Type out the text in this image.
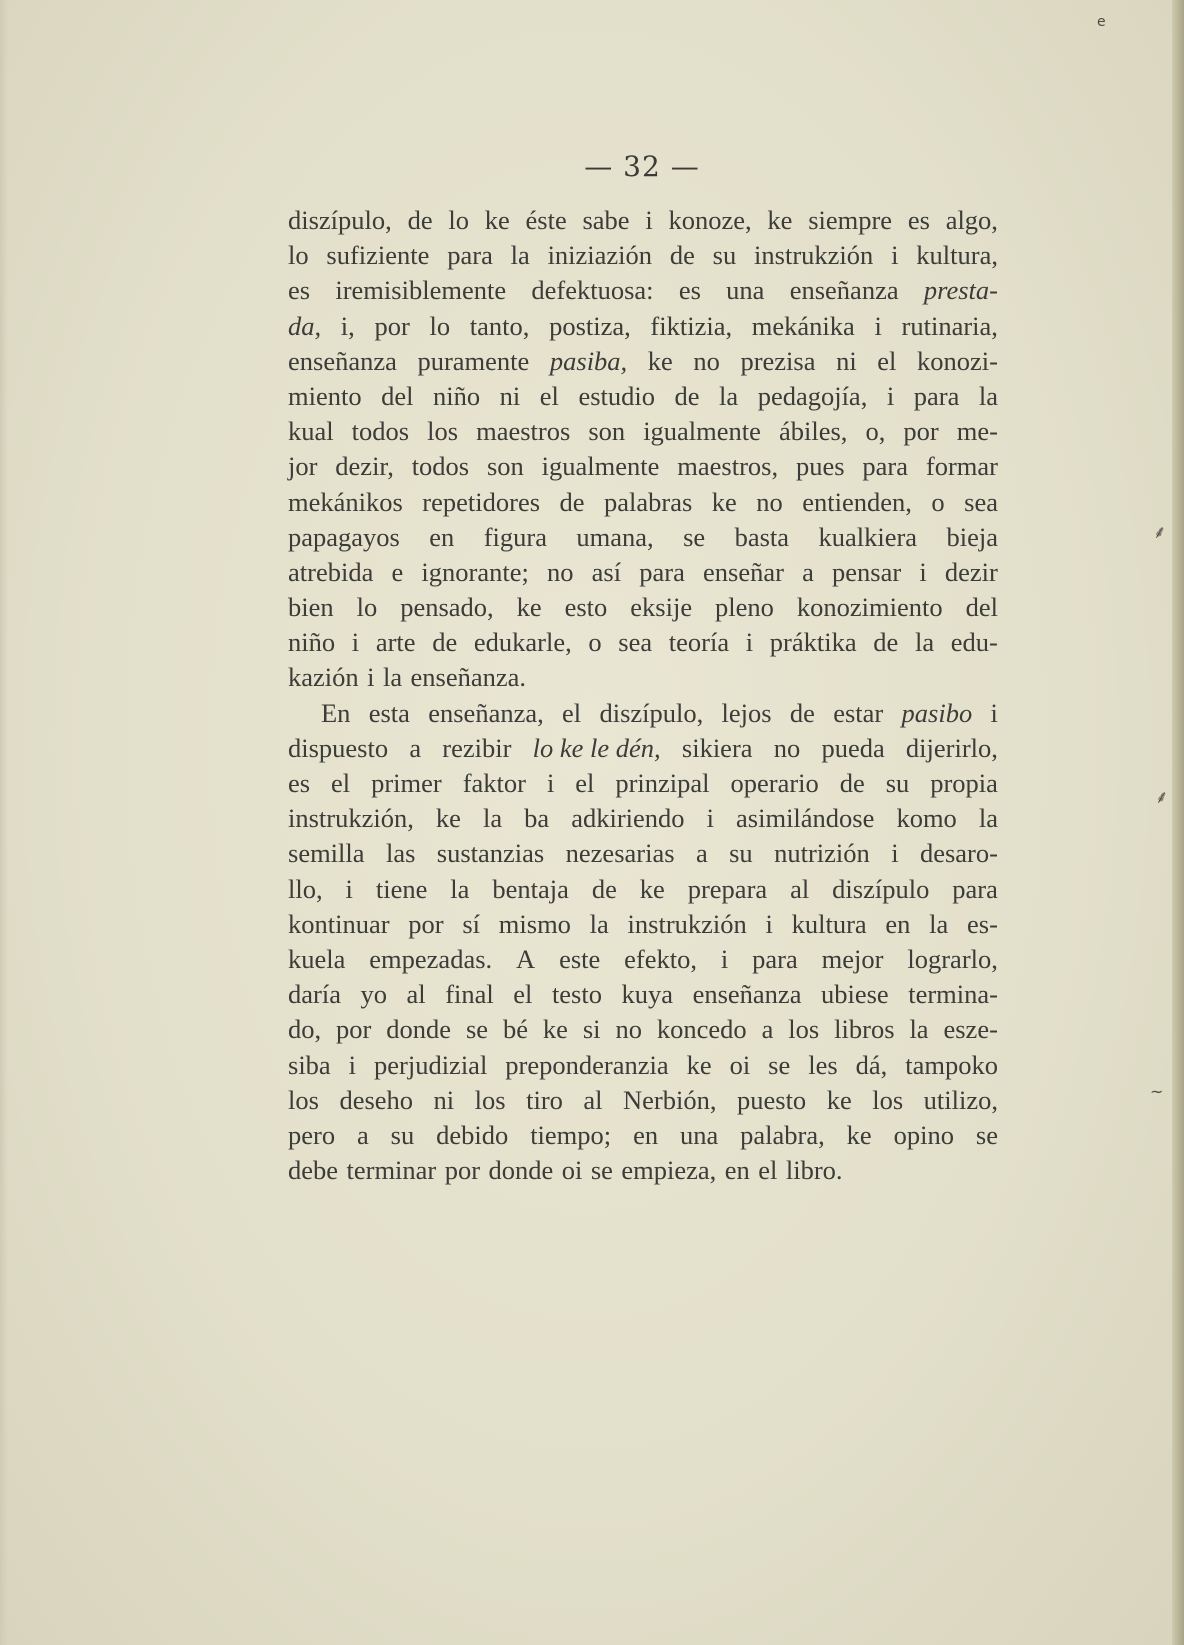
— 32 —
diszípulo, de lo ke éste sabe i konoze, ke siempre es algo,
lo sufiziente para la iniziazión de su instrukzión i kultura,
es iremisiblemente defektuosa: es una enseñanza presta-
da, i, por lo tanto, postiza, fiktizia, mekánika i rutinaria,
enseñanza puramente pasiba, ke no prezisa ni el konozi-
miento del niño ni el estudio de la pedagojía, i para la
kual todos los maestros son igualmente ábiles, o, por me-
jor dezir, todos son igualmente maestros, pues para formar
mekánikos repetidores de palabras ke no entienden, o sea
papagayos en figura umana, se basta kualkiera bieja
atrebida e ignorante; no así para enseñar a pensar i dezir
bien lo pensado, ke esto eksije pleno konozimiento del
niño i arte de edukarle, o sea teoría i práktika de la edu-
kazión i la enseñanza.
En esta enseñanza, el diszípulo, lejos de estar pasibo i
dispuesto a rezibir lo ke le dén, sikiera no pueda dijerirlo,
es el primer faktor i el prinzipal operario de su propia
instrukzión, ke la ba adkiriendo i asimilándose komo la
semilla las sustanzias nezesarias a su nutrizión i desaro-
llo, i tiene la bentaja de ke prepara al diszípulo para
kontinuar por sí mismo la instrukzión i kultura en la es-
kuela empezadas. A este efekto, i para mejor lograrlo,
daría yo al final el testo kuya enseñanza ubiese termina-
do, por donde se bé ke si no koncedo a los libros la eszе-
siba i perjudizial preponderanzia ke oi se les dá, tampoko
los deseho ni los tiro al Nerbión, puesto ke los utilizo,
pero a su debido tiempo; en una palabra, ke opino se
debe terminar por donde oi se empieza, en el libro.
e
⸙
⸙
~
